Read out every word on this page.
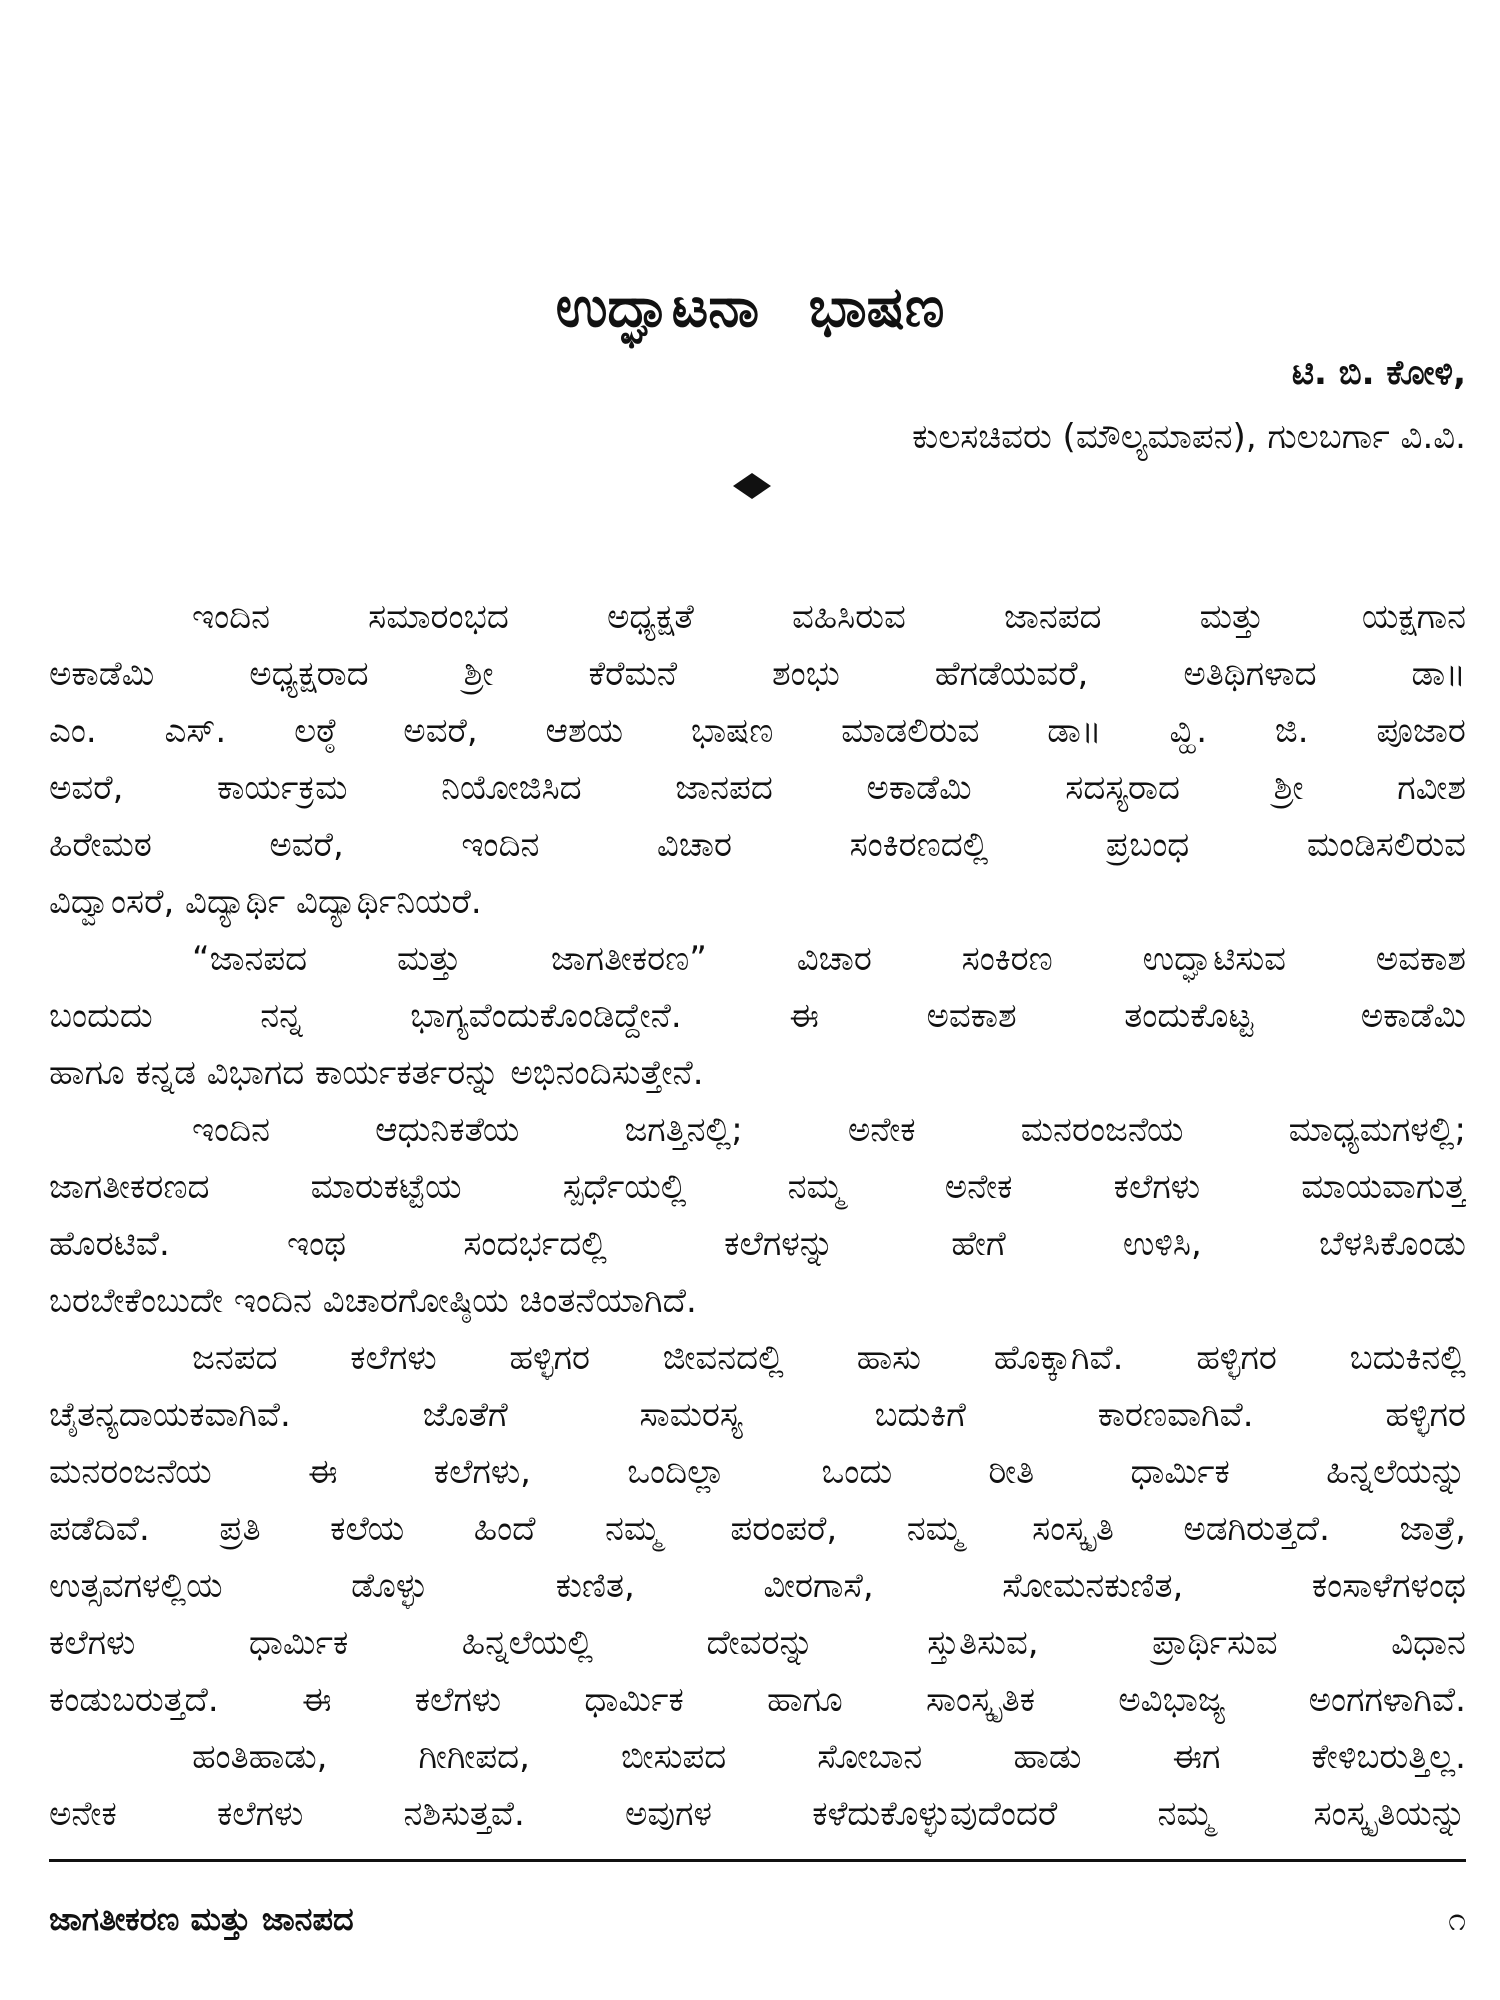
ಉದ್ಘಾಟನಾ ಭಾಷಣ
ಟಿ. ಬಿ. ಕೋಳಿ,
ಕುಲಸಚಿವರು (ಮೌಲ್ಯಮಾಪನ), ಗುಲಬರ್ಗಾ ವಿ.ವಿ.
ಇಂದಿನ	ಸಮಾರಂಭದ	ಅಧ್ಯಕ್ಷತೆ	ವಹಿಸಿರುವ	ಜಾನಪದ	ಮತ್ತು	ಯಕ್ಷಗಾನ
ಅಕಾಡೆಮಿ	ಅಧ್ಯಕ್ಷರಾದ	ಶ್ರೀ	ಕೆರೆಮನೆ	ಶಂಭು	ಹೆಗಡೆಯವರೆ,	ಅತಿಥಿಗಳಾದ	ಡಾ॥
ಎಂ. ಎಸ್. ಲಠ್ಠೆ ಅವರೆ, ಆಶಯ ಭಾಷಣ ಮಾಡಲಿರುವ ಡಾ॥ ವ್ಹಿ. ಜಿ. ಪೂಜಾರ
ಅವರೆ,	ಕಾರ್ಯಕ್ರಮ	ನಿಯೋಜಿಸಿದ	ಜಾನಪದ	ಅಕಾಡೆಮಿ	ಸದಸ್ಯರಾದ	ಶ್ರೀ	ಗವೀಶ
ಹಿರೇಮಠ	ಅವರೆ,	ಇಂದಿನ	ವಿಚಾರ	ಸಂಕಿರಣದಲ್ಲಿ	ಪ್ರಬಂಧ	ಮಂಡಿಸಲಿರುವ
ವಿದ್ವಾಂಸರೆ, ವಿದ್ಯಾರ್ಥಿ ವಿದ್ಯಾರ್ಥಿನಿಯರೆ.
“ಜಾನಪದ	ಮತ್ತು	ಜಾಗತೀಕರಣ”	ವಿಚಾರ	ಸಂಕಿರಣ	ಉದ್ಘಾಟಿಸುವ	ಅವಕಾಶ
ಬಂದುದು	ನನ್ನ	ಭಾಗ್ಯವೆಂದುಕೊಂಡಿದ್ದೇನೆ.	ಈ	ಅವಕಾಶ	ತಂದುಕೊಟ್ಟ	ಅಕಾಡೆಮಿ
ಹಾಗೂ ಕನ್ನಡ ವಿಭಾಗದ ಕಾರ್ಯಕರ್ತರನ್ನು ಅಭಿನಂದಿಸುತ್ತೇನೆ.
ಇಂದಿನ	ಆಧುನಿಕತೆಯ	ಜಗತ್ತಿನಲ್ಲಿ;	ಅನೇಕ	ಮನರಂಜನೆಯ	ಮಾಧ್ಯಮಗಳಲ್ಲಿ;
ಜಾಗತೀಕರಣದ	ಮಾರುಕಟ್ಟೆಯ	ಸ್ಪರ್ಧೆಯಲ್ಲಿ	ನಮ್ಮ	ಅನೇಕ	ಕಲೆಗಳು	ಮಾಯವಾಗುತ್ತ
ಹೊರಟಿವೆ.	ಇಂಥ	ಸಂದರ್ಭದಲ್ಲಿ	ಕಲೆಗಳನ್ನು	ಹೇಗೆ	ಉಳಿಸಿ,	ಬೆಳಸಿಕೊಂಡು
ಬರಬೇಕೆಂಬುದೇ ಇಂದಿನ ವಿಚಾರಗೋಷ್ಠಿಯ ಚಿಂತನೆಯಾಗಿದೆ.
ಜನಪದ ಕಲೆಗಳು ಹಳ್ಳಿಗರ ಜೀವನದಲ್ಲಿ ಹಾಸು ಹೊಕ್ಕಾಗಿವೆ. ಹಳ್ಳಿಗರ ಬದುಕಿನಲ್ಲಿ
ಚೈತನ್ಯದಾಯಕವಾಗಿವೆ.	ಜೊತೆಗೆ	ಸಾಮರಸ್ಯ	ಬದುಕಿಗೆ	ಕಾರಣವಾಗಿವೆ.	ಹಳ್ಳಿಗರ
ಮನರಂಜನೆಯ	ಈ	ಕಲೆಗಳು,	ಒಂದಿಲ್ಲಾ	ಒಂದು	ರೀತಿ	ಧಾರ್ಮಿಕ	ಹಿನ್ನಲೆಯನ್ನು
ಪಡೆದಿವೆ. ಪ್ರತಿ ಕಲೆಯ ಹಿಂದೆ ನಮ್ಮ ಪರಂಪರೆ, ನಮ್ಮ ಸಂಸ್ಕೃತಿ ಅಡಗಿರುತ್ತದೆ. ಜಾತ್ರೆ,
ಉತ್ಸವಗಳಲ್ಲಿಯ	ಡೊಳ್ಳು	ಕುಣಿತ,	ವೀರಗಾಸೆ,	ಸೋಮನಕುಣಿತ,	ಕಂಸಾಳೆಗಳಂಥ
ಕಲೆಗಳು	ಧಾರ್ಮಿಕ	ಹಿನ್ನಲೆಯಲ್ಲಿ	ದೇವರನ್ನು	ಸ್ತುತಿಸುವ,	ಪ್ರಾರ್ಥಿಸುವ	ವಿಧಾನ
ಕಂಡುಬರುತ್ತದೆ. ಈ ಕಲೆಗಳು ಧಾರ್ಮಿಕ ಹಾಗೂ ಸಾಂಸ್ಕೃತಿಕ ಅವಿಭಾಜ್ಯ ಅಂಗಗಳಾಗಿವೆ.
ಹಂತಿಹಾಡು,	ಗೀಗೀಪದ,	ಬೀಸುಪದ	ಸೋಬಾನ	ಹಾಡು	ಈಗ	ಕೇಳಿಬರುತ್ತಿಲ್ಲ.
ಅನೇಕ	ಕಲೆಗಳು	ನಶಿಸುತ್ತವೆ.	ಅವುಗಳ	ಕಳೆದುಕೊಳ್ಳುವುದೆಂದರೆ	ನಮ್ಮ	ಸಂಸ್ಕೃತಿಯನ್ನು
ಜಾಗತೀಕರಣ ಮತ್ತು ಜಾನಪದ	೧
